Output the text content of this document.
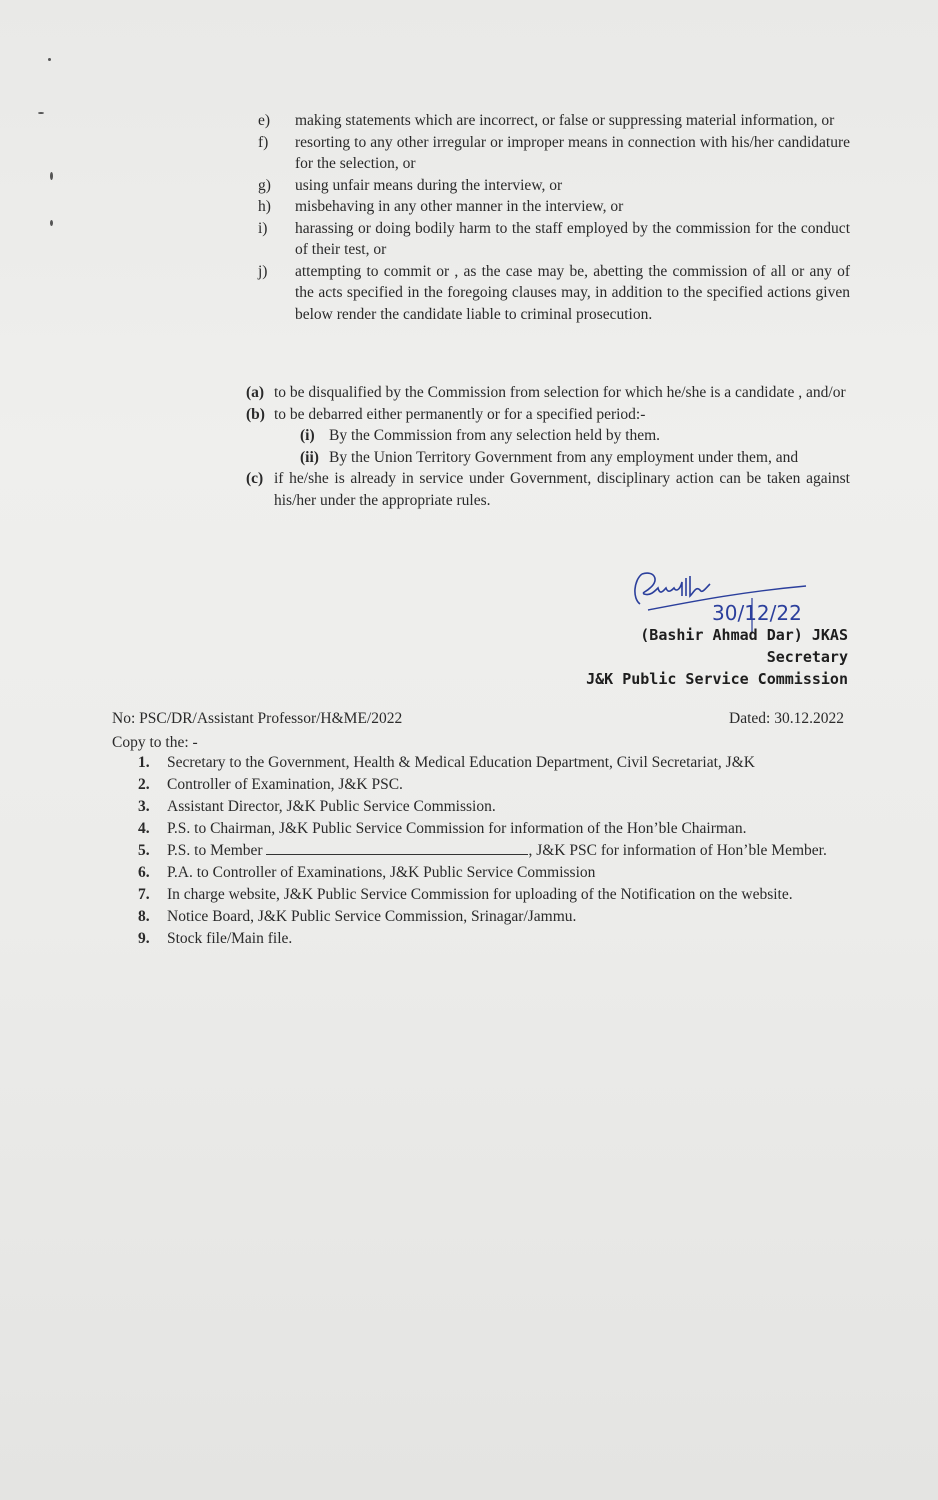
e)	making statements which are incorrect, or false or suppressing material information, or
f)	resorting to any other irregular or improper means in connection with his/her candidature for the selection, or
g)	using unfair means during the interview, or
h)	misbehaving in any other manner in the interview, or
i)	harassing or doing bodily harm to the staff employed by the commission for the conduct of their test, or
j)	attempting to commit or , as the case may be, abetting the commission of all or any of the acts specified in the foregoing clauses may, in addition to the specified actions given below render the candidate liable to criminal prosecution.
(a) to be disqualified by the Commission from selection for which he/she is a candidate , and/or
(b) to be debarred either permanently or for a specified period:-
(i) By the Commission from any selection held by them.
(ii) By the Union Territory Government from any employment under them, and
(c) if he/she is already in service under Government, disciplinary action can be taken against his/her under the appropriate rules.
30/12/22
(Bashir Ahmad Dar) JKAS
Secretary
J&K Public Service Commission
No: PSC/DR/Assistant Professor/H&ME/2022	Dated: 30.12.2022
Copy to the: -
1.	Secretary to the Government, Health & Medical Education Department, Civil Secretariat, J&K
2.	Controller of Examination, J&K PSC.
3.	Assistant Director, J&K Public Service Commission.
4.	P.S. to Chairman, J&K Public Service Commission for information of the Hon’ble Chairman.
5.	P.S. to Member	, J&K PSC for information of Hon’ble Member.
6.	P.A. to Controller of Examinations, J&K Public Service Commission
7.	In charge website, J&K Public Service Commission for uploading of the Notification on the website.
8.	Notice Board, J&K Public Service Commission, Srinagar/Jammu.
9.	Stock file/Main file.
